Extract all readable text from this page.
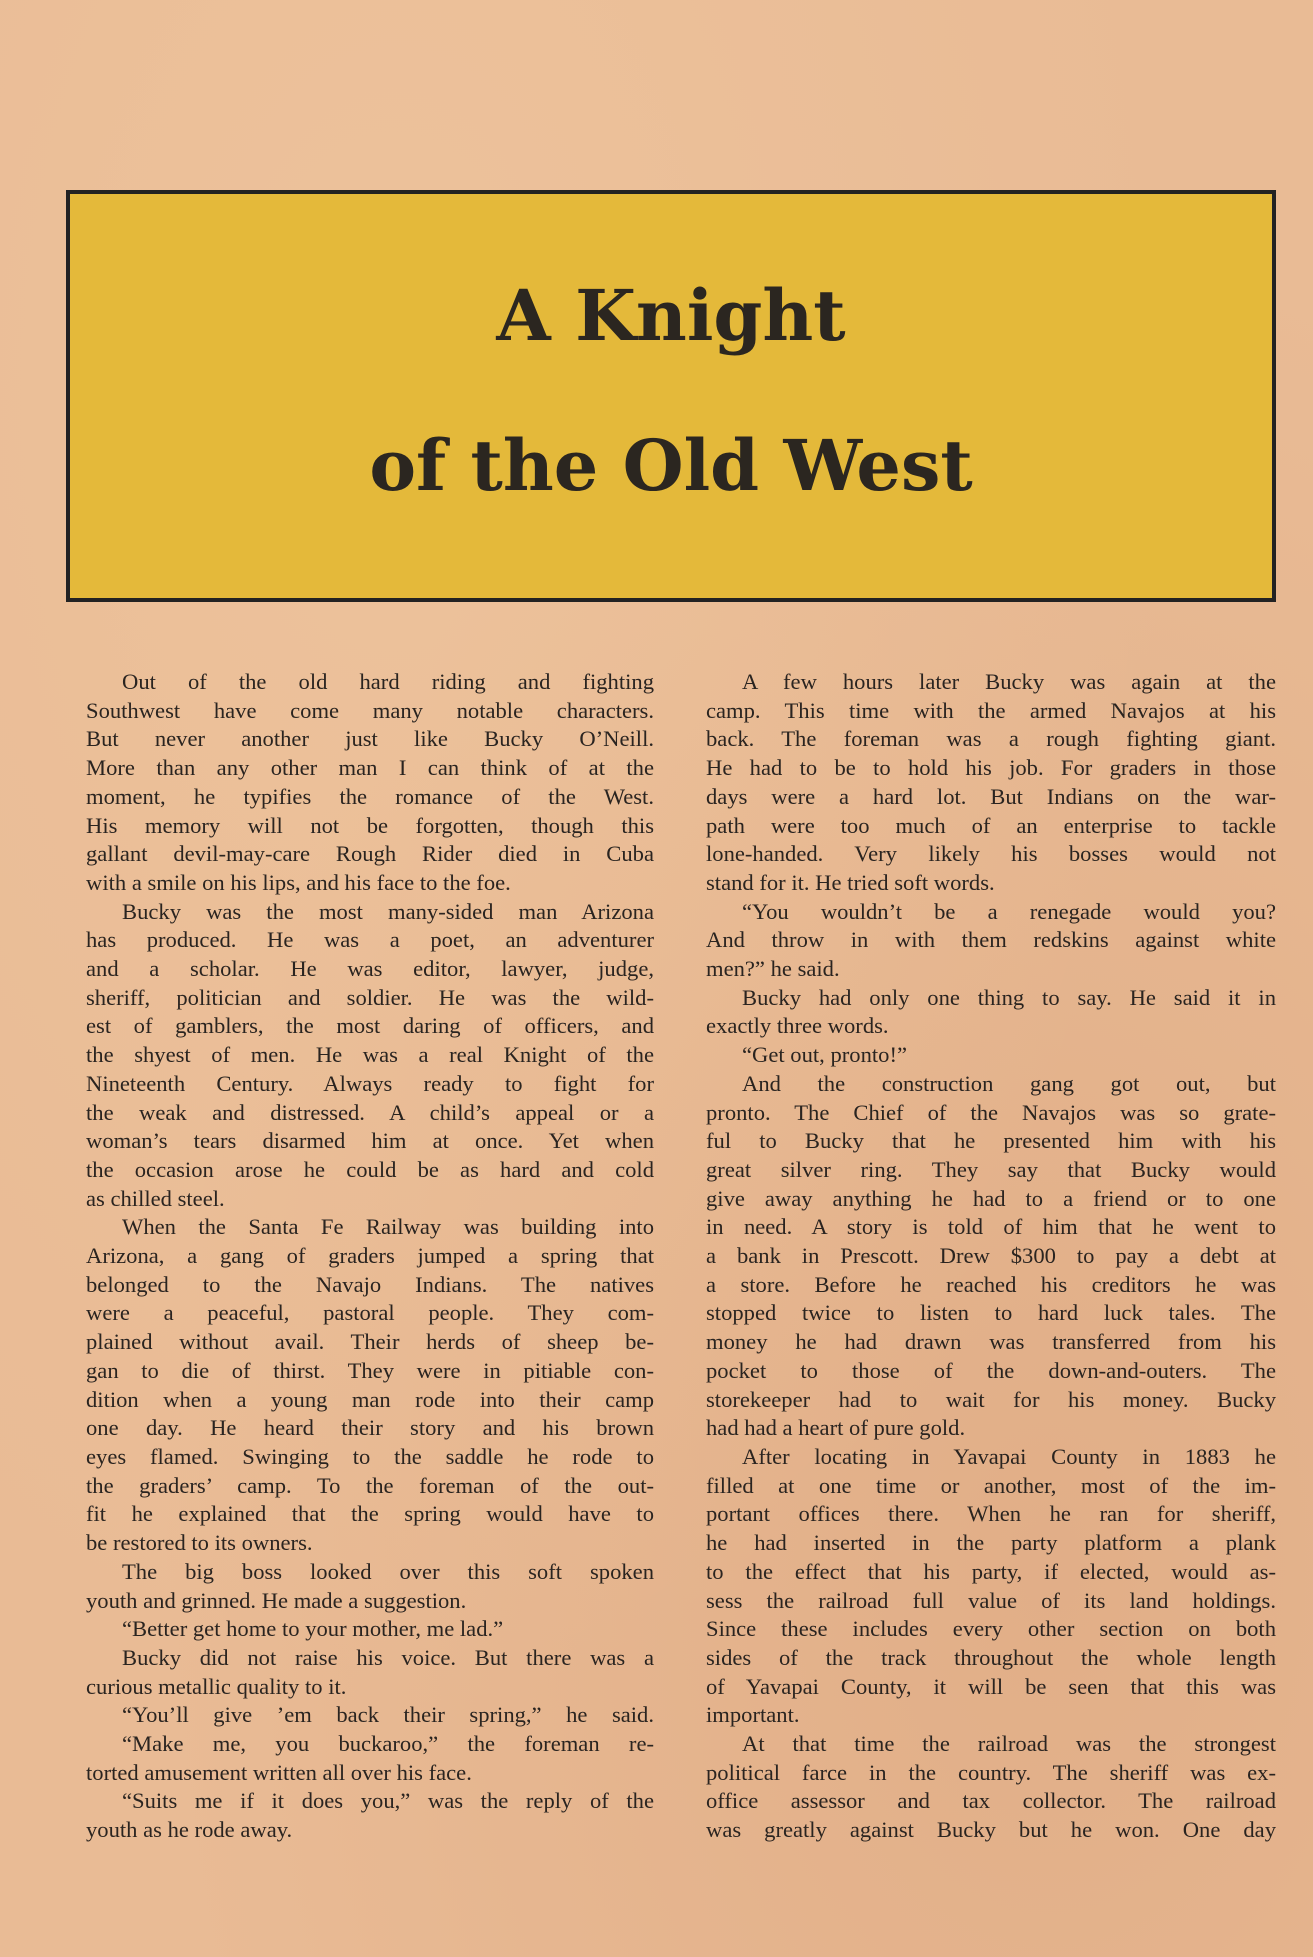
A Knight
of the Old West

Out of the old hard riding and fighting

Southwest have come many notable characters.

But never another just like Bucky O’Neill.

More than any other man I can think of at the

moment, he typifies the romance of the West.

His memory will not be forgotten, though this

gallant devil-may-care Rough Rider died in Cuba

with a smile on his lips, and his face to the foe.

Bucky was the most many-sided man Arizona

has produced. He was a poet, an adventurer

and a scholar. He was editor, lawyer, judge,

sheriff, politician and soldier. He was the wild-

est of gamblers, the most daring of officers, and

the shyest of men. He was a real Knight of the

Nineteenth Century. Always ready to fight for

the weak and distressed. A child’s appeal or a

woman’s tears disarmed him at once. Yet when

the occasion arose he could be as hard and cold

as chilled steel.

When the Santa Fe Railway was building into

Arizona, a gang of graders jumped a spring that

belonged to the Navajo Indians. The natives

were a peaceful, pastoral people. They com-

plained without avail. Their herds of sheep be-

gan to die of thirst. They were in pitiable con-

dition when a young man rode into their camp

one day. He heard their story and his brown

eyes flamed. Swinging to the saddle he rode to

the graders’ camp. To the foreman of the out-

fit he explained that the spring would have to

be restored to its owners.

The big boss looked over this soft spoken

youth and grinned. He made a suggestion.

“Better get home to your mother, me lad.”

Bucky did not raise his voice. But there was a

curious metallic quality to it.

“You’ll give ’em back their spring,” he said.

“Make me, you buckaroo,” the foreman re-

torted amusement written all over his face.

“Suits me if it does you,” was the reply of the

youth as he rode away.

A few hours later Bucky was again at the

camp. This time with the armed Navajos at his

back. The foreman was a rough fighting giant.

He had to be to hold his job. For graders in those

days were a hard lot. But Indians on the war-

path were too much of an enterprise to tackle

lone-handed. Very likely his bosses would not

stand for it. He tried soft words.

“You wouldn’t be a renegade would you?

And throw in with them redskins against white

men?” he said.

Bucky had only one thing to say. He said it in

exactly three words.

“Get out, pronto!”

And the construction gang got out, but

pronto. The Chief of the Navajos was so grate-

ful to Bucky that he presented him with his

great silver ring. They say that Bucky would

give away anything he had to a friend or to one

in need. A story is told of him that he went to

a bank in Prescott. Drew $300 to pay a debt at

a store. Before he reached his creditors he was

stopped twice to listen to hard luck tales. The

money he had drawn was transferred from his

pocket to those of the down-and-outers. The

storekeeper had to wait for his money. Bucky

had had a heart of pure gold.

After locating in Yavapai County in 1883 he

filled at one time or another, most of the im-

portant offices there. When he ran for sheriff,

he had inserted in the party platform a plank

to the effect that his party, if elected, would as-

sess the railroad full value of its land holdings.

Since these includes every other section on both

sides of the track throughout the whole length

of Yavapai County, it will be seen that this was

important.

At that time the railroad was the strongest

political farce in the country. The sheriff was ex-

office assessor and tax collector. The railroad

was greatly against Bucky but he won. One day
